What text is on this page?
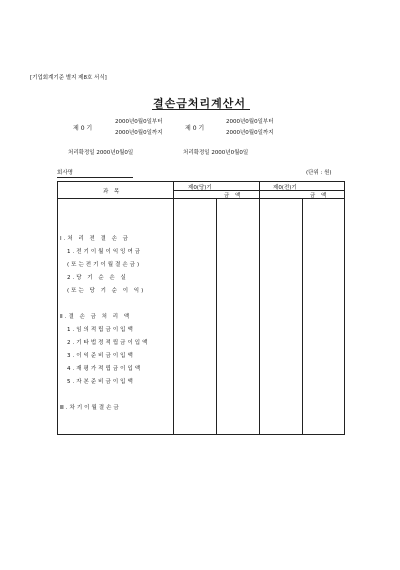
[기업회계기준 별지 제8호 서식]
결손금처리계산서
제 0 기
2000년0월0일부터
2000년0월0일까지
제 0 기
2000년0월0일부터
2000년0월0일까지
처리확정일 2000년0월0일	처리확정일 2000년0월0일
회사명	(단위 : 원)
과 목
제0(당)기	제0(전)기
금 액	금 액
Ⅰ.처 리 전 결 손 금
1.전기이월이익잉여금
(또는전기이월결손금)
2.당 기 순 손 실
(또는 당 기 순 이 익)
Ⅱ.결 손 금 처 리 액
1.임의적립금이입액
2.기타법정적립금이입액
3.이익준비금이입액
4.재평가적립금이입액
5.자본준비금이입액
Ⅲ.차기이월결손금
